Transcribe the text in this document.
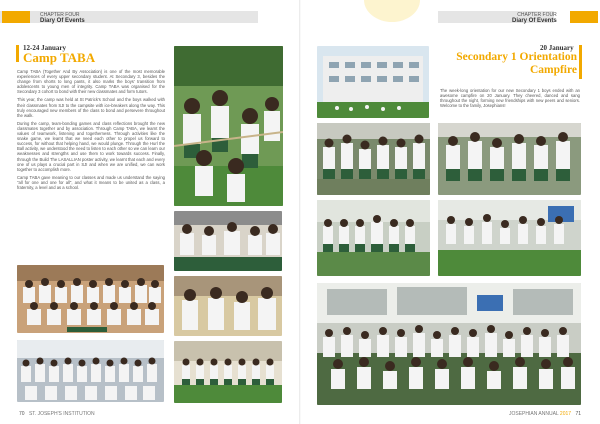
CHAPTER FOUR
Diary Of Events
12-24 January
Camp TABA

Camp TABA (Together And By Association) is one of the most memorable experiences of every upper secondary student. At Secondary 3, besides the change from shorts to long pants, it also marks the boys' transition from adolescents to young men of integrity. Camp TABA was organised for the Secondary 3 cohort to bond with their new classmates and form tutors.

This year, the camp was held at St Patrick's School and the boys walked with their classmates from SJI to the campsite with ice-breakers along the way. This truly encouraged new members of the class to bond and persevere throughout the walk.

During the camp, team-bonding games and class reflections brought the new classmates together and by association. Through Camp TABA, we learnt the values of teamwork, listening and togetherness. Through activities like the snake game, we learnt that we need each other to propel us forward to success, for without that helping hand, we would plunge. Through the Hurl the Ball activity, we understood the need to listen to each other so we can learn our weaknesses and strengths and use them to work towards success. Finally, through the Build The LASALLIAN poster activity, we learnt that each and every one of us plays a crucial part in SJI and when we are unified, we can work together to accomplish more.

Camp TABA gave meaning to our classes and made us understand the saying "all for one and one for all", and what it means to be united as a class, a fraternity, a level and as a school.

70 ST. JOSEPH'S INSTITUTION
CHAPTER FOUR
Diary Of Events
20 January
Secondary 1 Orientation
Campfire

The week-long orientation for our new Secondary 1 boys ended with an awesome campfire on 20 January. They cheered, danced and sang throughout the night, forming new friendships with new peers and seniors. Welcome to the family, Josephians!

JOSEPHIAN ANNUAL 2017 71
